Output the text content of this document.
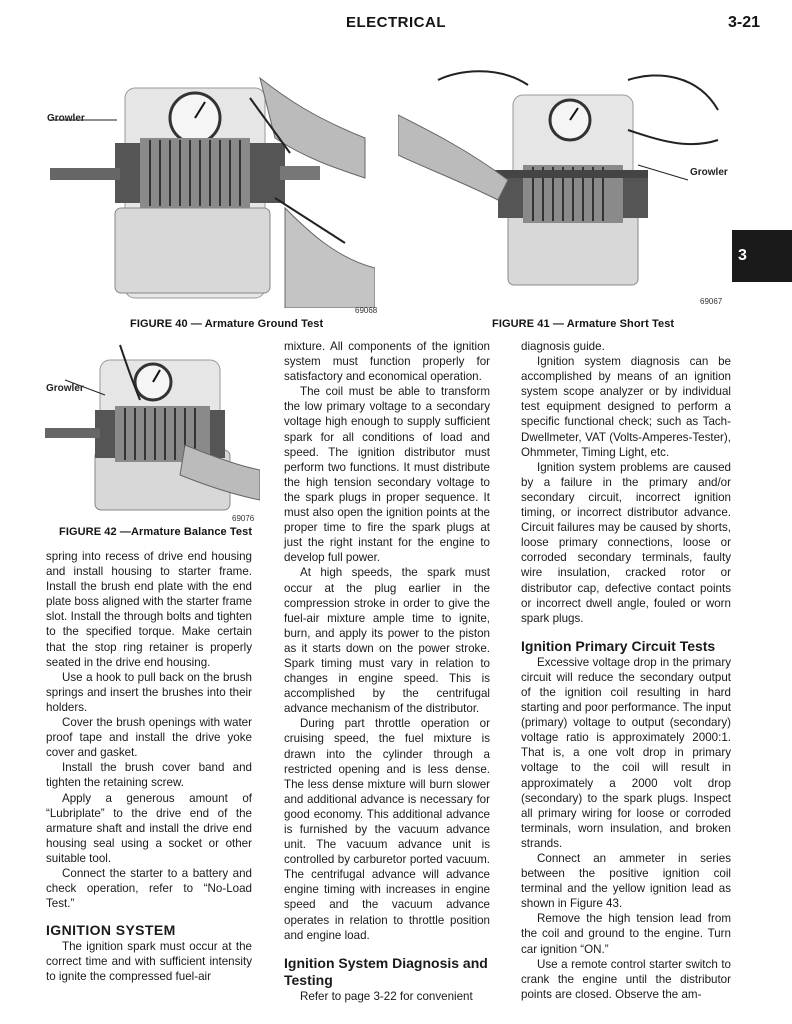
ELECTRICAL	3-21
3
Growler
69068
FIGURE 40 — Armature Ground Test
Growler
69067
FIGURE 41 — Armature Short Test
Growler
69076
FIGURE 42 —Armature Balance Test

spring into recess of drive end housing and install housing to starter frame. Install the brush end plate with the end plate boss aligned with the starter frame slot. Install the through bolts and tighten to the specified torque. Make certain that the stop ring retainer is properly seated in the drive end housing.

Use a hook to pull back on the brush springs and insert the brushes into their holders.

Cover the brush openings with water proof tape and install the drive yoke cover and gasket.

Install the brush cover band and tighten the retaining screw.

Apply a generous amount of “Lubriplate” to the drive end of the armature shaft and install the drive end housing seal using a socket or other suitable tool.

Connect the starter to a battery and check operation, refer to “No-Load Test.”

IGNITION SYSTEM

The ignition spark must occur at the correct time and with sufficient intensity to ignite the compressed fuel-air

mixture. All components of the ignition system must function properly for satisfactory and economical operation.

The coil must be able to transform the low primary voltage to a secondary voltage high enough to supply sufficient spark for all conditions of load and speed. The ignition distributor must perform two functions. It must distribute the high tension secondary voltage to the spark plugs in proper sequence. It must also open the ignition points at the proper time to fire the spark plugs at just the right instant for the engine to develop full power.

At high speeds, the spark must occur at the plug earlier in the compression stroke in order to give the fuel-air mixture ample time to ignite, burn, and apply its power to the piston as it starts down on the power stroke. Spark timing must vary in relation to changes in engine speed. This is accomplished by the centrifugal advance mechanism of the distributor.

During part throttle operation or cruising speed, the fuel mixture is drawn into the cylinder through a restricted opening and is less dense. The less dense mixture will burn slower and additional advance is necessary for good economy. This additional advance is furnished by the vacuum advance unit. The vacuum advance unit is controlled by carburetor ported vacuum. The centrifugal advance will advance engine timing with increases in engine speed and the vacuum advance operates in relation to throttle position and engine load.

Ignition System Diagnosis and Testing

Refer to page 3-22 for convenient

diagnosis guide.

Ignition system diagnosis can be accomplished by means of an ignition system scope analyzer or by individual test equipment designed to perform a specific functional check; such as Tach-Dwellmeter, VAT (Volts-Amperes-Tester), Ohmmeter, Timing Light, etc.

Ignition system problems are caused by a failure in the primary and/or secondary circuit, incorrect ignition timing, or incorrect distributor advance. Circuit failures may be caused by shorts, loose primary connections, loose or corroded secondary terminals, faulty wire insulation, cracked rotor or distributor cap, defective contact points or incorrect dwell angle, fouled or worn spark plugs.

Ignition Primary Circuit Tests

Excessive voltage drop in the primary circuit will reduce the secondary output of the ignition coil resulting in hard starting and poor performance. The input (primary) voltage to output (secondary) voltage ratio is approximately 2000:1. That is, a one volt drop in primary voltage to the coil will result in approximately a 2000 volt drop (secondary) to the spark plugs. Inspect all primary wiring for loose or corroded terminals, worn insulation, and broken strands.

Connect an ammeter in series between the positive ignition coil terminal and the yellow ignition lead as shown in Figure 43.

Remove the high tension lead from the coil and ground to the engine. Turn car ignition “ON.”

Use a remote control starter switch to crank the engine until the distributor points are closed. Observe the am-
